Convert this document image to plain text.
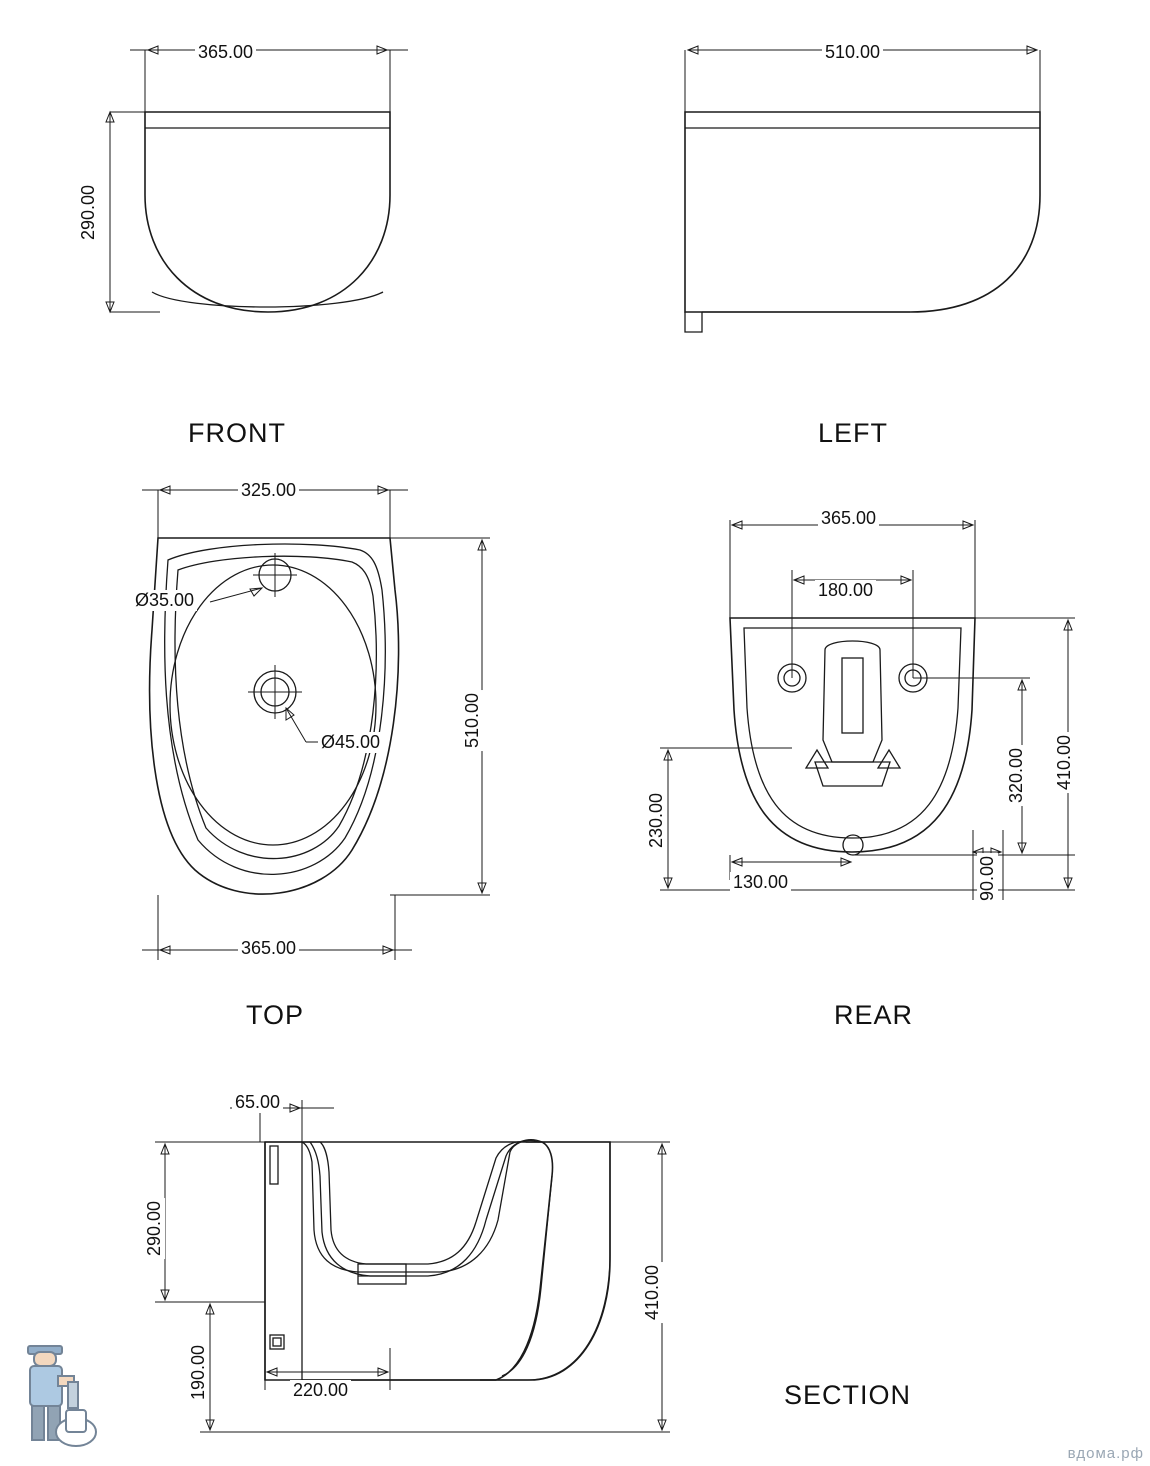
365.00
290.00
FRONT
510.00
LEFT
325.00
365.00
510.00
Ø35.00
Ø45.00
TOP
365.00
180.00
410.00
320.00
230.00
130.00	90.00
REAR
65.00
290.00
190.00	220.00
410.00
SECTION
вдома.рф
